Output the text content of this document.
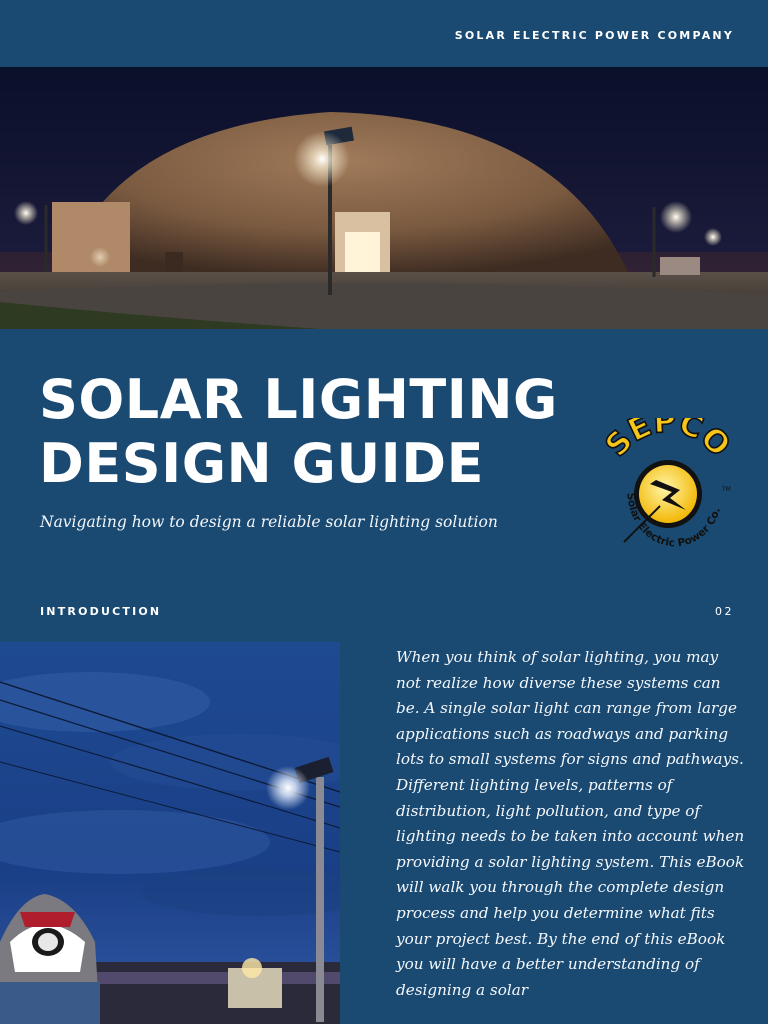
SOLAR ELECTRIC POWER COMPANY
SOLAR LIGHTING
DESIGN GUIDE
Navigating how to design a reliable solar lighting solution
SEPCO
Solar Electric Power Co.
TM
INTRODUCTION	02

When you think of solar lighting, you may not realize how diverse these systems can be. A single solar light can range from large applications such as roadways and parking lots to small systems for signs and pathways. Different lighting levels, patterns of distribution, light pollution, and type of lighting needs to be taken into account when providing a solar lighting system. This eBook will walk you through the complete design process and help you determine what fits your project best. By the end of this eBook you will have a better understanding of designing a solar
